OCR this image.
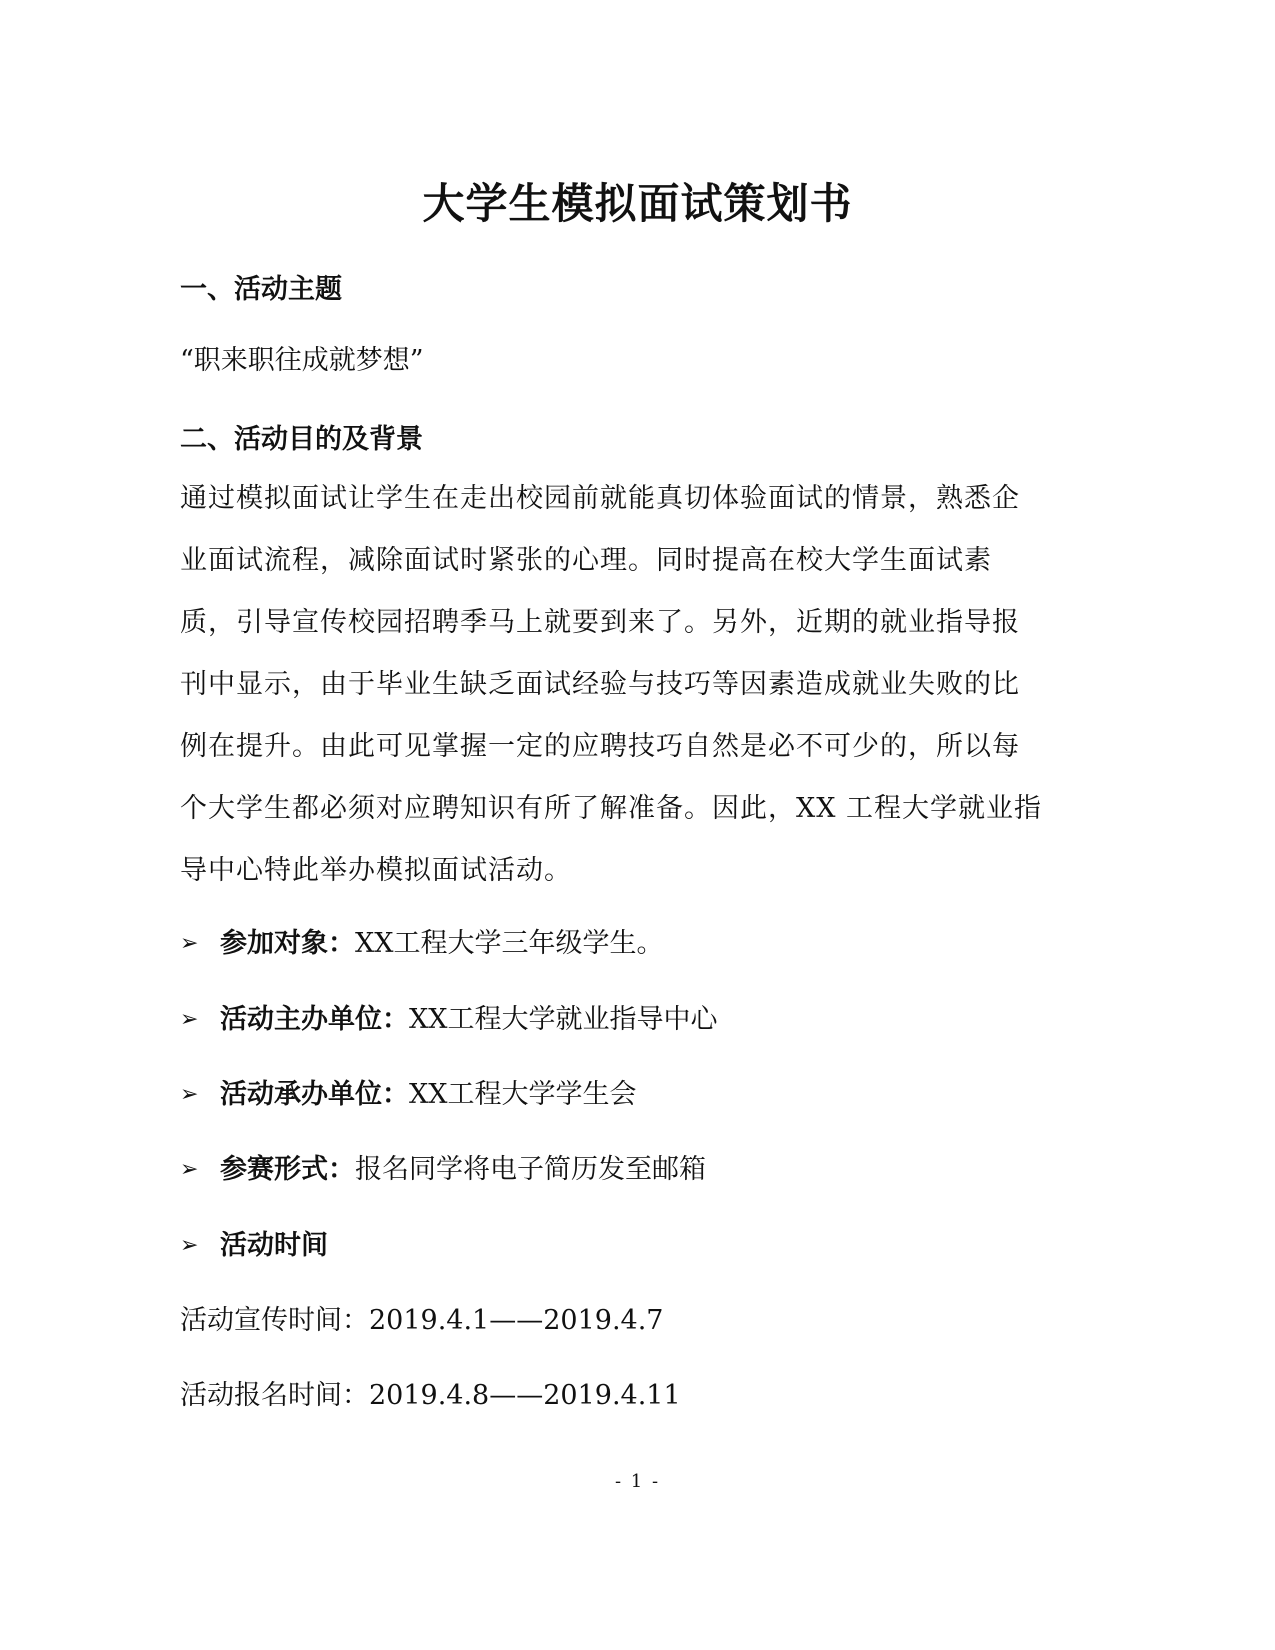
大学生模拟面试策划书
一、活动主题
“职来职往成就梦想”
二、活动目的及背景

通过模拟面试让学生在走出校园前就能真切体验面试的情景，熟悉企

业面试流程，减除面试时紧张的心理。同时提高在校大学生面试素

质，引导宣传校园招聘季马上就要到来了。另外，近期的就业指导报

刊中显示，由于毕业生缺乏面试经验与技巧等因素造成就业失败的比

例在提升。由此可见掌握一定的应聘技巧自然是必不可少的，所以每

个大学生都必须对应聘知识有所了解准备。因此，XX 工程大学就业指

导中心特此举办模拟面试活动。

➢ 参加对象：XX工程大学三年级学生。
➢ 活动主办单位：XX工程大学就业指导中心
➢ 活动承办单位：XX工程大学学生会
➢ 参赛形式：报名同学将电子简历发至邮箱
➢ 活动时间
活动宣传时间：2019.4.1——2019.4.7
活动报名时间：2019.4.8——2019.4.11
- 1 -
